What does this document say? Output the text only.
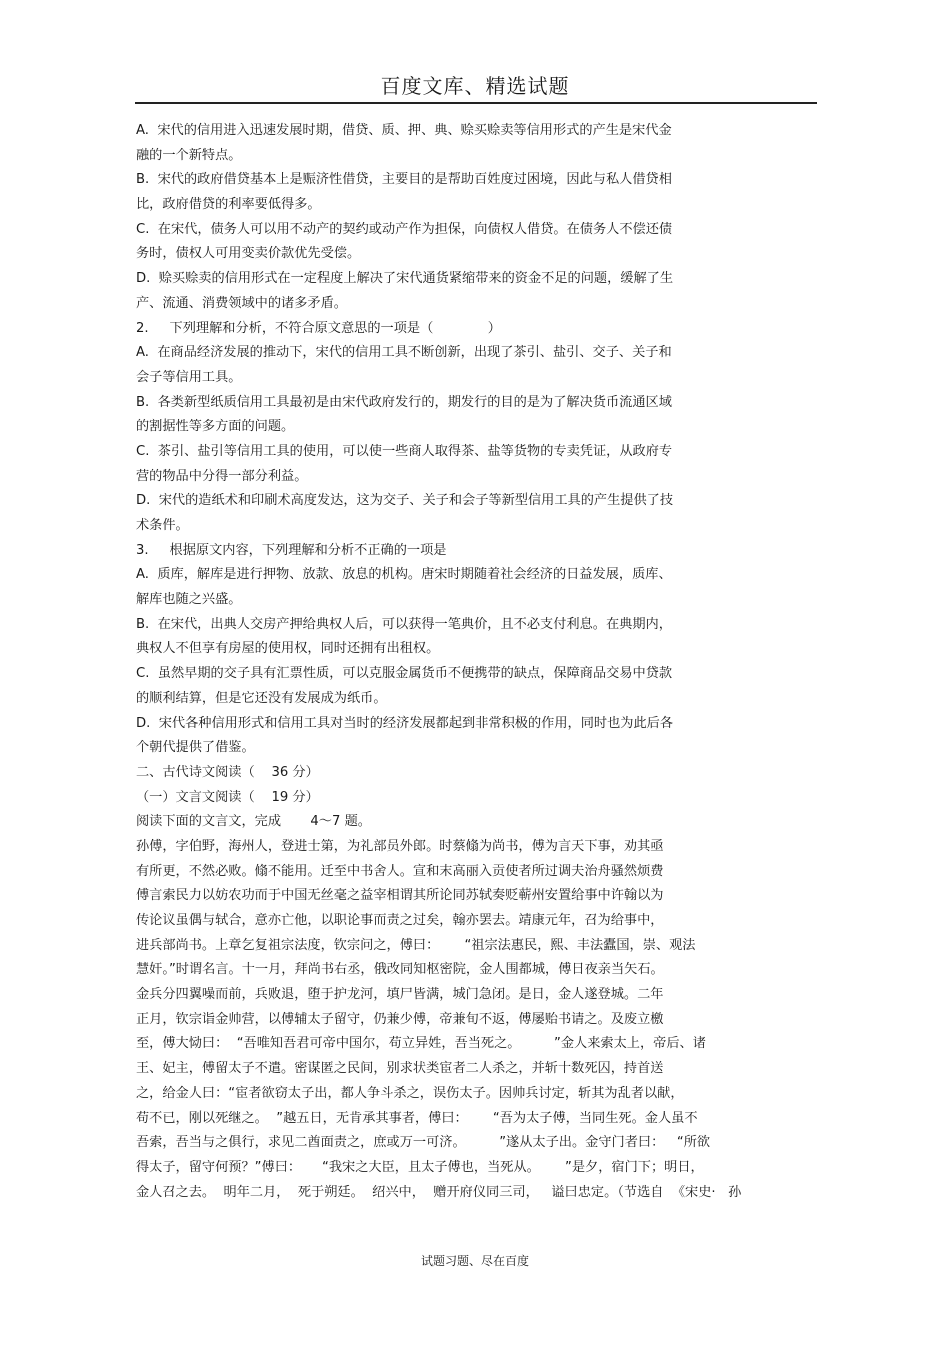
百度文库、精选试题
A.  宋代的信用进入迅速发展时期，借贷、质、押、典、赊买赊卖等信用形式的产生是宋代金
融的一个新特点。
B.  宋代的政府借贷基本上是赈济性借贷，主要目的是帮助百姓度过困境，因此与私人借贷相
比，政府借贷的利率要低得多。
C.  在宋代，债务人可以用不动产的契约或动产作为担保，向债权人借贷。在债务人不偿还债
务时，债权人可用变卖价款优先受偿。
D.  赊买赊卖的信用形式在一定程度上解决了宋代通货紧缩带来的资金不足的问题，缓解了生
产、流通、消费领域中的诸多矛盾。
2.     下列理解和分析，不符合原文意思的一项是（             ）
A.  在商品经济发展的推动下，宋代的信用工具不断创新，出现了茶引、盐引、交子、关子和
会子等信用工具。
B.  各类新型纸质信用工具最初是由宋代政府发行的，期发行的目的是为了解决货币流通区域
的割据性等多方面的问题。
C.  茶引、盐引等信用工具的使用，可以使一些商人取得茶、盐等货物的专卖凭证，从政府专
营的物品中分得一部分利益。
D.  宋代的造纸术和印刷术高度发达，这为交子、关子和会子等新型信用工具的产生提供了技
术条件。
3.     根据原文内容，下列理解和分析不正确的一项是
A.  质库，解库是进行押物、放款、放息的机构。唐宋时期随着社会经济的日益发展，质库、
解库也随之兴盛。
B.  在宋代，出典人交房产押给典权人后，可以获得一笔典价，且不必支付利息。在典期内，
典权人不但享有房屋的使用权，同时还拥有出租权。
C.  虽然早期的交子具有汇票性质，可以克服金属货币不便携带的缺点，保障商品交易中贷款
的顺利结算，但是它还没有发展成为纸币。
D.  宋代各种信用形式和信用工具对当时的经济发展都起到非常积极的作用，同时也为此后各
个朝代提供了借鉴。
二、古代诗文阅读（    36 分）
（一）文言文阅读（    19 分）
阅读下面的文言文，完成       4～7 题。
孙傅，字伯野，海州人，登进士第，为礼部员外郎。时蔡翛为尚书，傅为言天下事，劝其亟
有所更，不然必败。翛不能用。迁至中书舍人。宣和末高丽入贡使者所过调夫治舟骚然烦费
傅言索民力以妨农功而于中国无丝毫之益宰相谓其所论同苏轼奏贬蕲州安置给事中许翰以为
传论议虽偶与轼合，意亦亡他，以职论事而责之过矣，翰亦罢去。靖康元年，召为给事中，
进兵部尚书。上章乞复祖宗法度，钦宗问之，傅曰：      “祖宗法惠民，熙、丰法蠹国，崇、观法
慧奸。”时谓名言。十一月，拜尚书右丞，俄改同知枢密院，金人围都城，傅日夜亲当矢石。
金兵分四翼噪而前，兵败退，堕于护龙河，填尸皆满，城门急闭。是日，金人遂登城。二年
正月，钦宗诣金帅营，以傅辅太子留守，仍兼少傅，帝兼旬不返，傅屡贻书请之。及废立檄
至，傅大恸曰：  “吾唯知吾君可帝中国尔，苟立异姓，吾当死之。        ”金人来索太上，帝后、诸
王、妃主，傅留太子不遣。密谋匿之民间，别求状类宦者二人杀之，并斩十数死囚，持首送
之，给金人曰：“宦者欲窃太子出，都人争斗杀之，误伤太子。因帅兵讨定，斩其为乱者以献，
苟不已，刚以死继之。  ”越五日，无肯承其事者，傅曰：      “吾为太子傅，当同生死。金人虽不
吾索，吾当与之俱行，求见二酋面责之，庶或万一可济。        ”遂从太子出。金守门者曰：   “所欲
得太子，留守何预？”傅曰：     “我宋之大臣，且太子傅也，当死从。      ”是夕，宿门下；明日，
金人召之去。  明年二月，  死于朔廷。  绍兴中，  赠开府仪同三司，   谥曰忠定。（节选自  《宋史·   孙
试题习题、尽在百度
